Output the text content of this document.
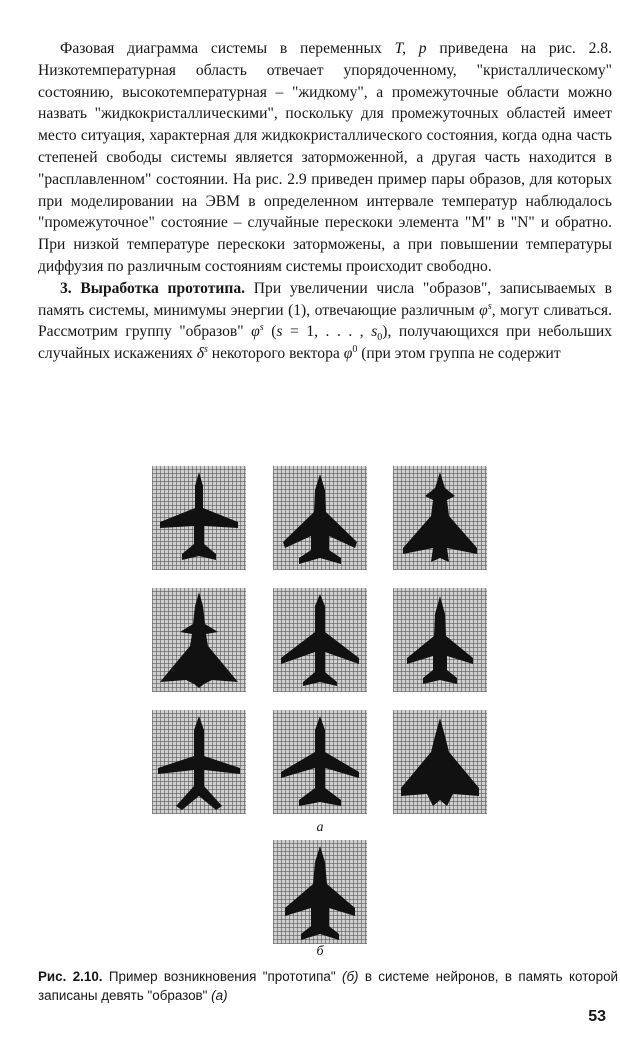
Фазовая диаграмма системы в переменных T, p приведена на рис. 2.8. Низкотемпературная область отвечает упорядоченному, "кристаллическому" состоянию, высокотемпературная – "жидкому", а промежуточные области можно назвать "жидкокристаллическими", поскольку для промежуточных областей имеет место ситуация, характерная для жидкокристаллического состояния, когда одна часть степеней свободы системы является заторможенной, а другая часть находится в "расплавленном" состоянии. На рис. 2.9 приведен пример пары образов, для которых при моделировании на ЭВМ в определенном интервале температур наблюдалось "промежуточное" состояние – случайные перескоки элемента "M" в "N" и обратно. При низкой температуре перескоки заторможены, а при повышении температуры диффузия по различным состояниям системы происходит свободно.

3. Выработка прототипа. При увеличении числа "образов", записываемых в память системы, минимумы энергии (1), отвечающие различным $\varphi^s$, могут сливаться. Рассмотрим группу "образов" $\varphi^s$ (s = 1, . . . , $s_0$), получающихся при небольших случайных искажениях $\delta^s$ некоторого вектора $\varphi^0$ (при этом группа не содержит

а
б
Рис. 2.10. Пример возникновения "прототипа" (б) в системе нейронов, в память которой записаны девять "образов" (а)
53
